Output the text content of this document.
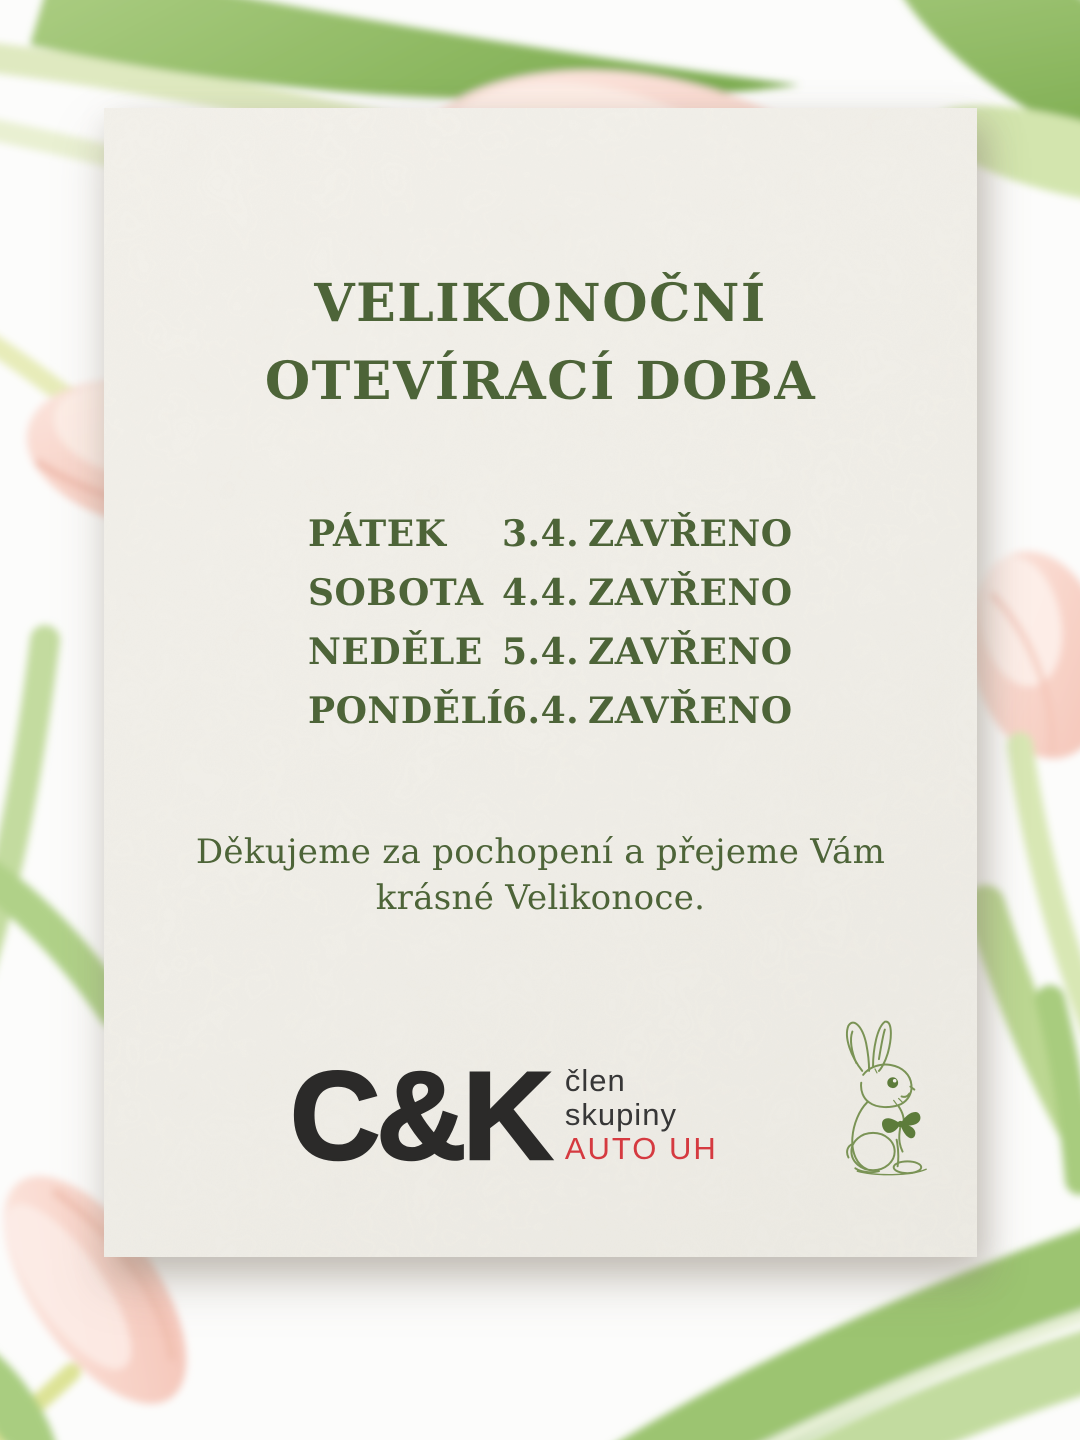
VELIKONOČNÍ
OTEVÍRACÍ DOBA
PÁTEK	3.4. ZAVŘENO
SOBOTA 4.4. ZAVŘENO
NEDĚLE 5.4. ZAVŘENO
PONDĚLÍ
6.4. ZAVŘENO
Děkujeme za pochopení a přejeme Vám
krásné Velikonoce.
C&K člen
skupiny
AUTO UH
